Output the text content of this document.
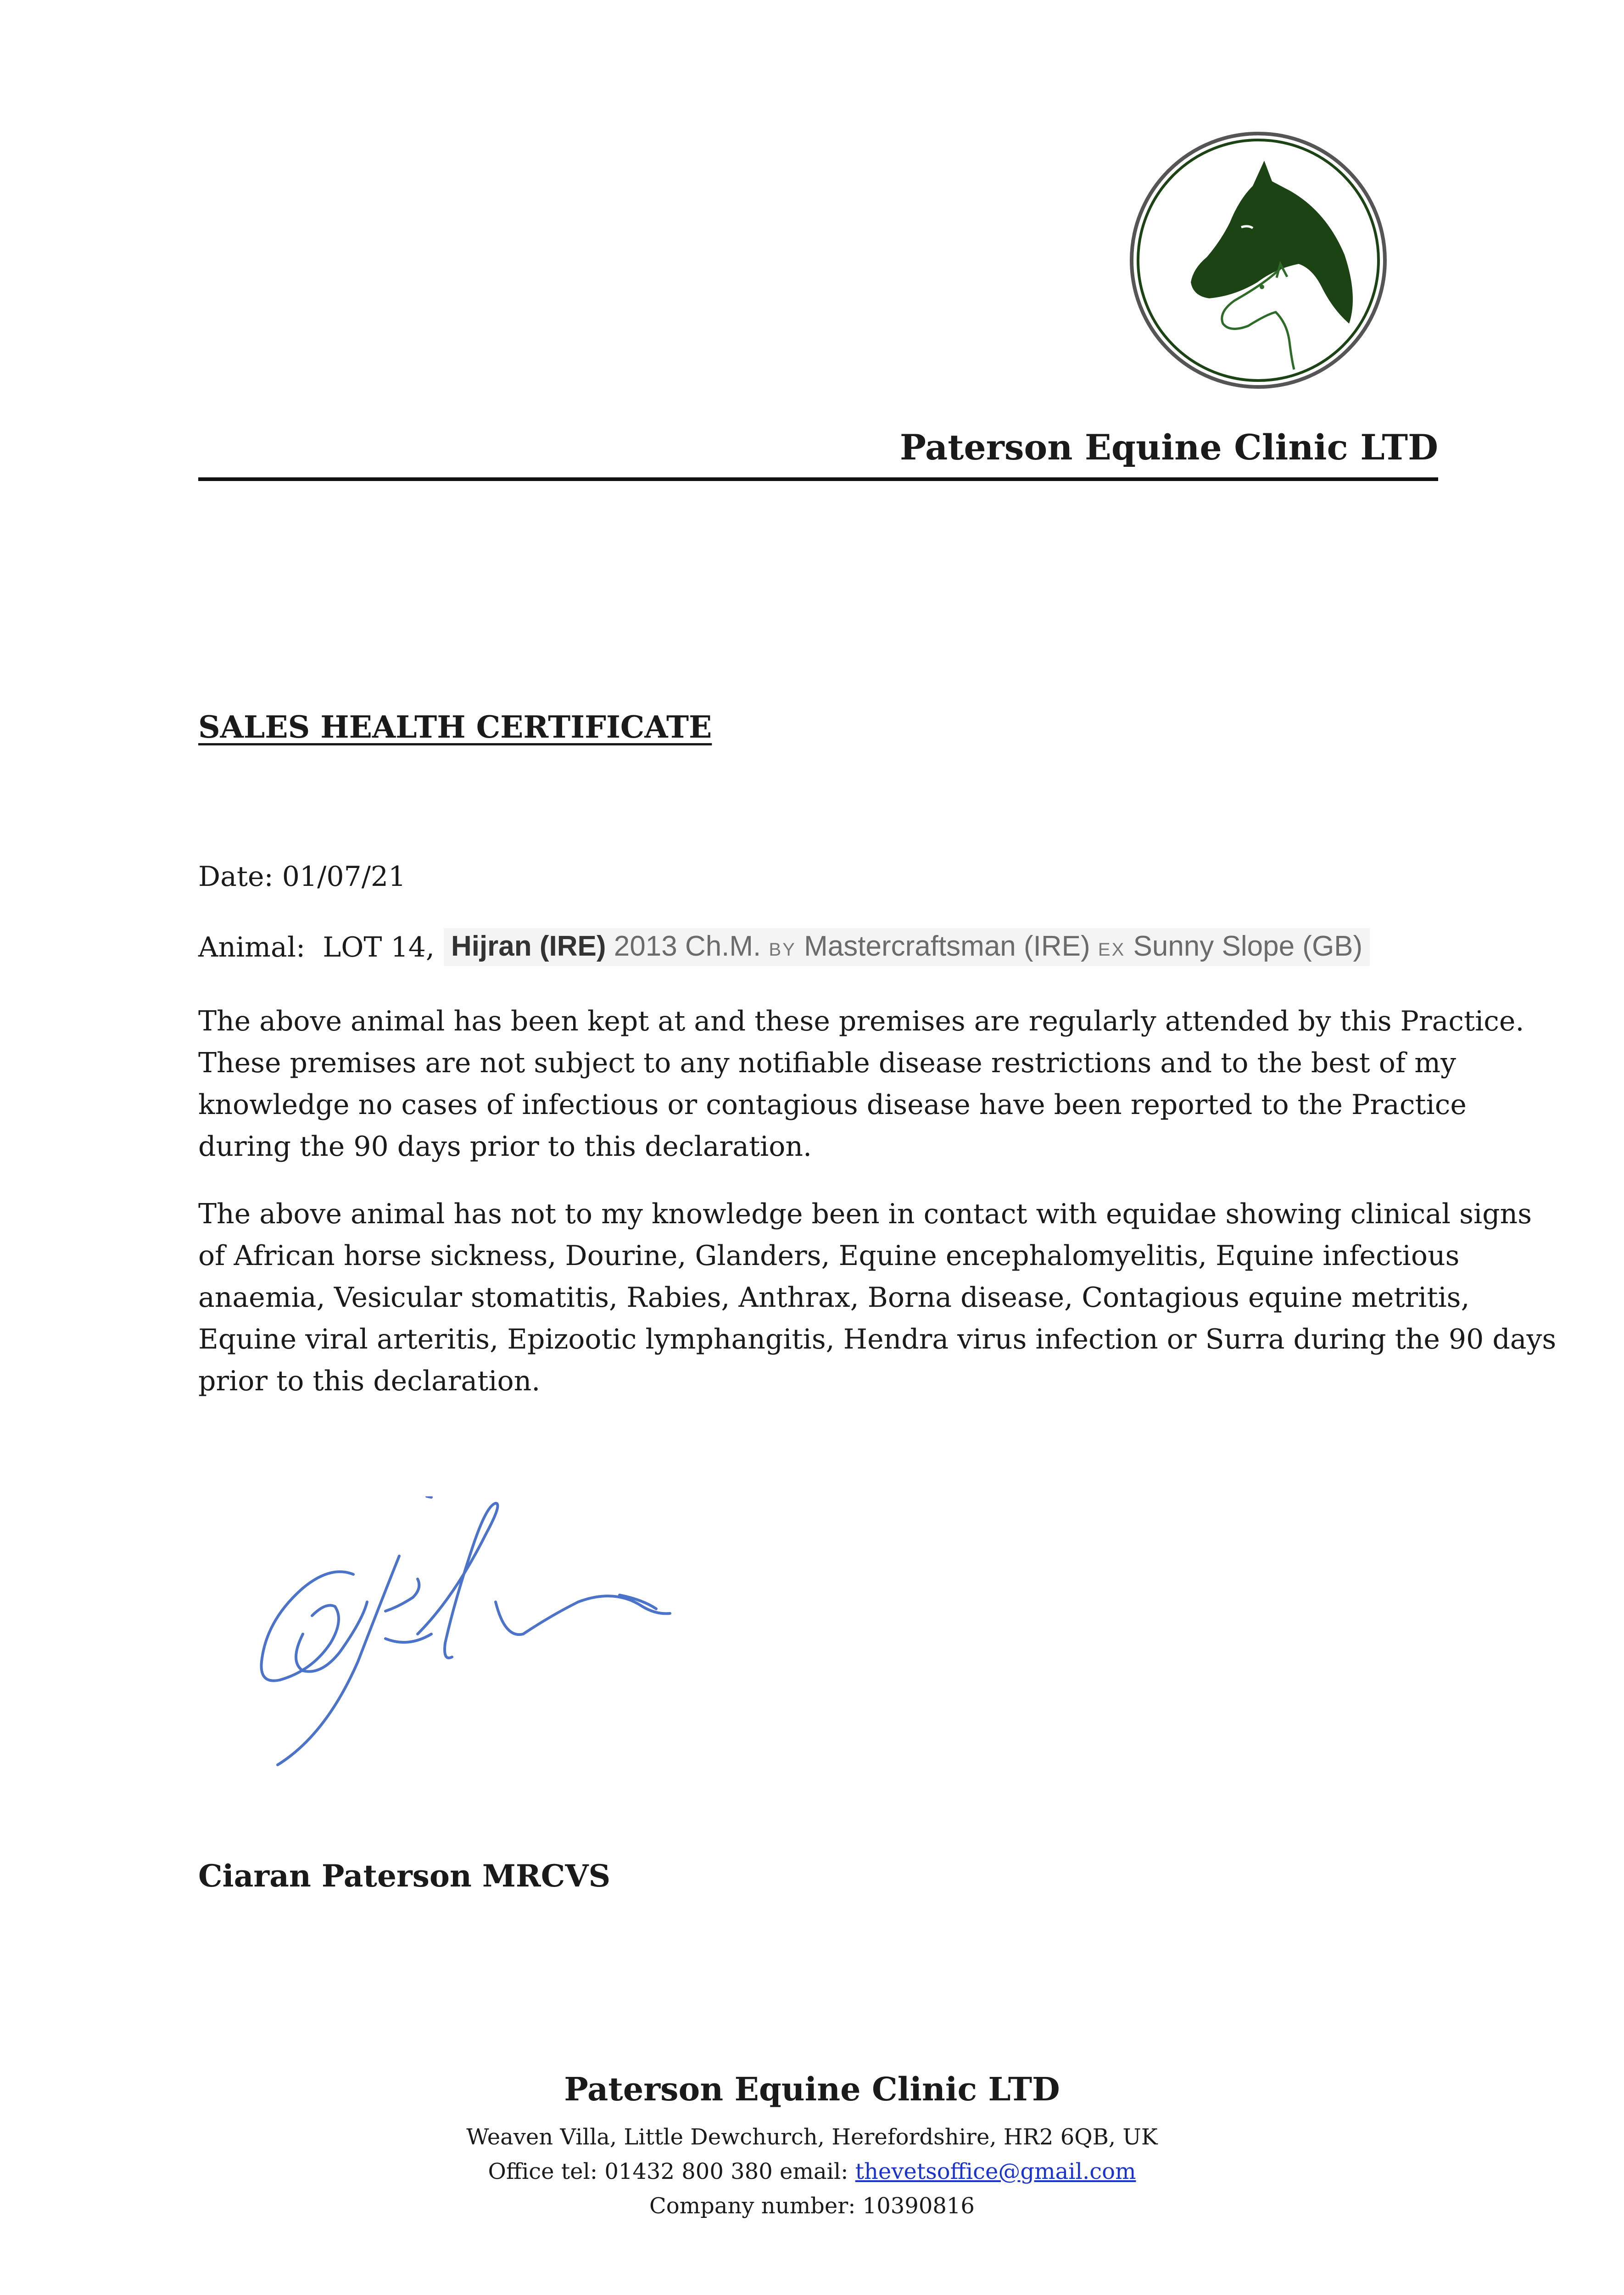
Paterson Equine Clinic LTD
SALES HEALTH CERTIFICATE
Date: 01/07/21
Animal:
LOT 14, Hijran (IRE) 2013 Ch.M. BY Mastercraftsman (IRE) EX Sunny Slope (GB)
The above animal has been kept at and these premises are regularly attended by this Practice.
These premises are not subject to any notifiable disease restrictions and to the best of my
knowledge no cases of infectious or contagious disease have been reported to the Practice
during the 90 days prior to this declaration.
The above animal has not to my knowledge been in contact with equidae showing clinical signs
of African horse sickness, Dourine, Glanders, Equine encephalomyelitis, Equine infectious
anaemia, Vesicular stomatitis, Rabies, Anthrax, Borna disease, Contagious equine metritis,
Equine viral arteritis, Epizootic lymphangitis, Hendra virus infection or Surra during the 90 days
prior to this declaration.
Ciaran Paterson MRCVS
Paterson Equine Clinic LTD
Weaven Villa, Little Dewchurch, Herefordshire, HR2 6QB, UK
Office tel: 01432 800 380 email: thevetsoffice@gmail.com
Company number: 10390816
